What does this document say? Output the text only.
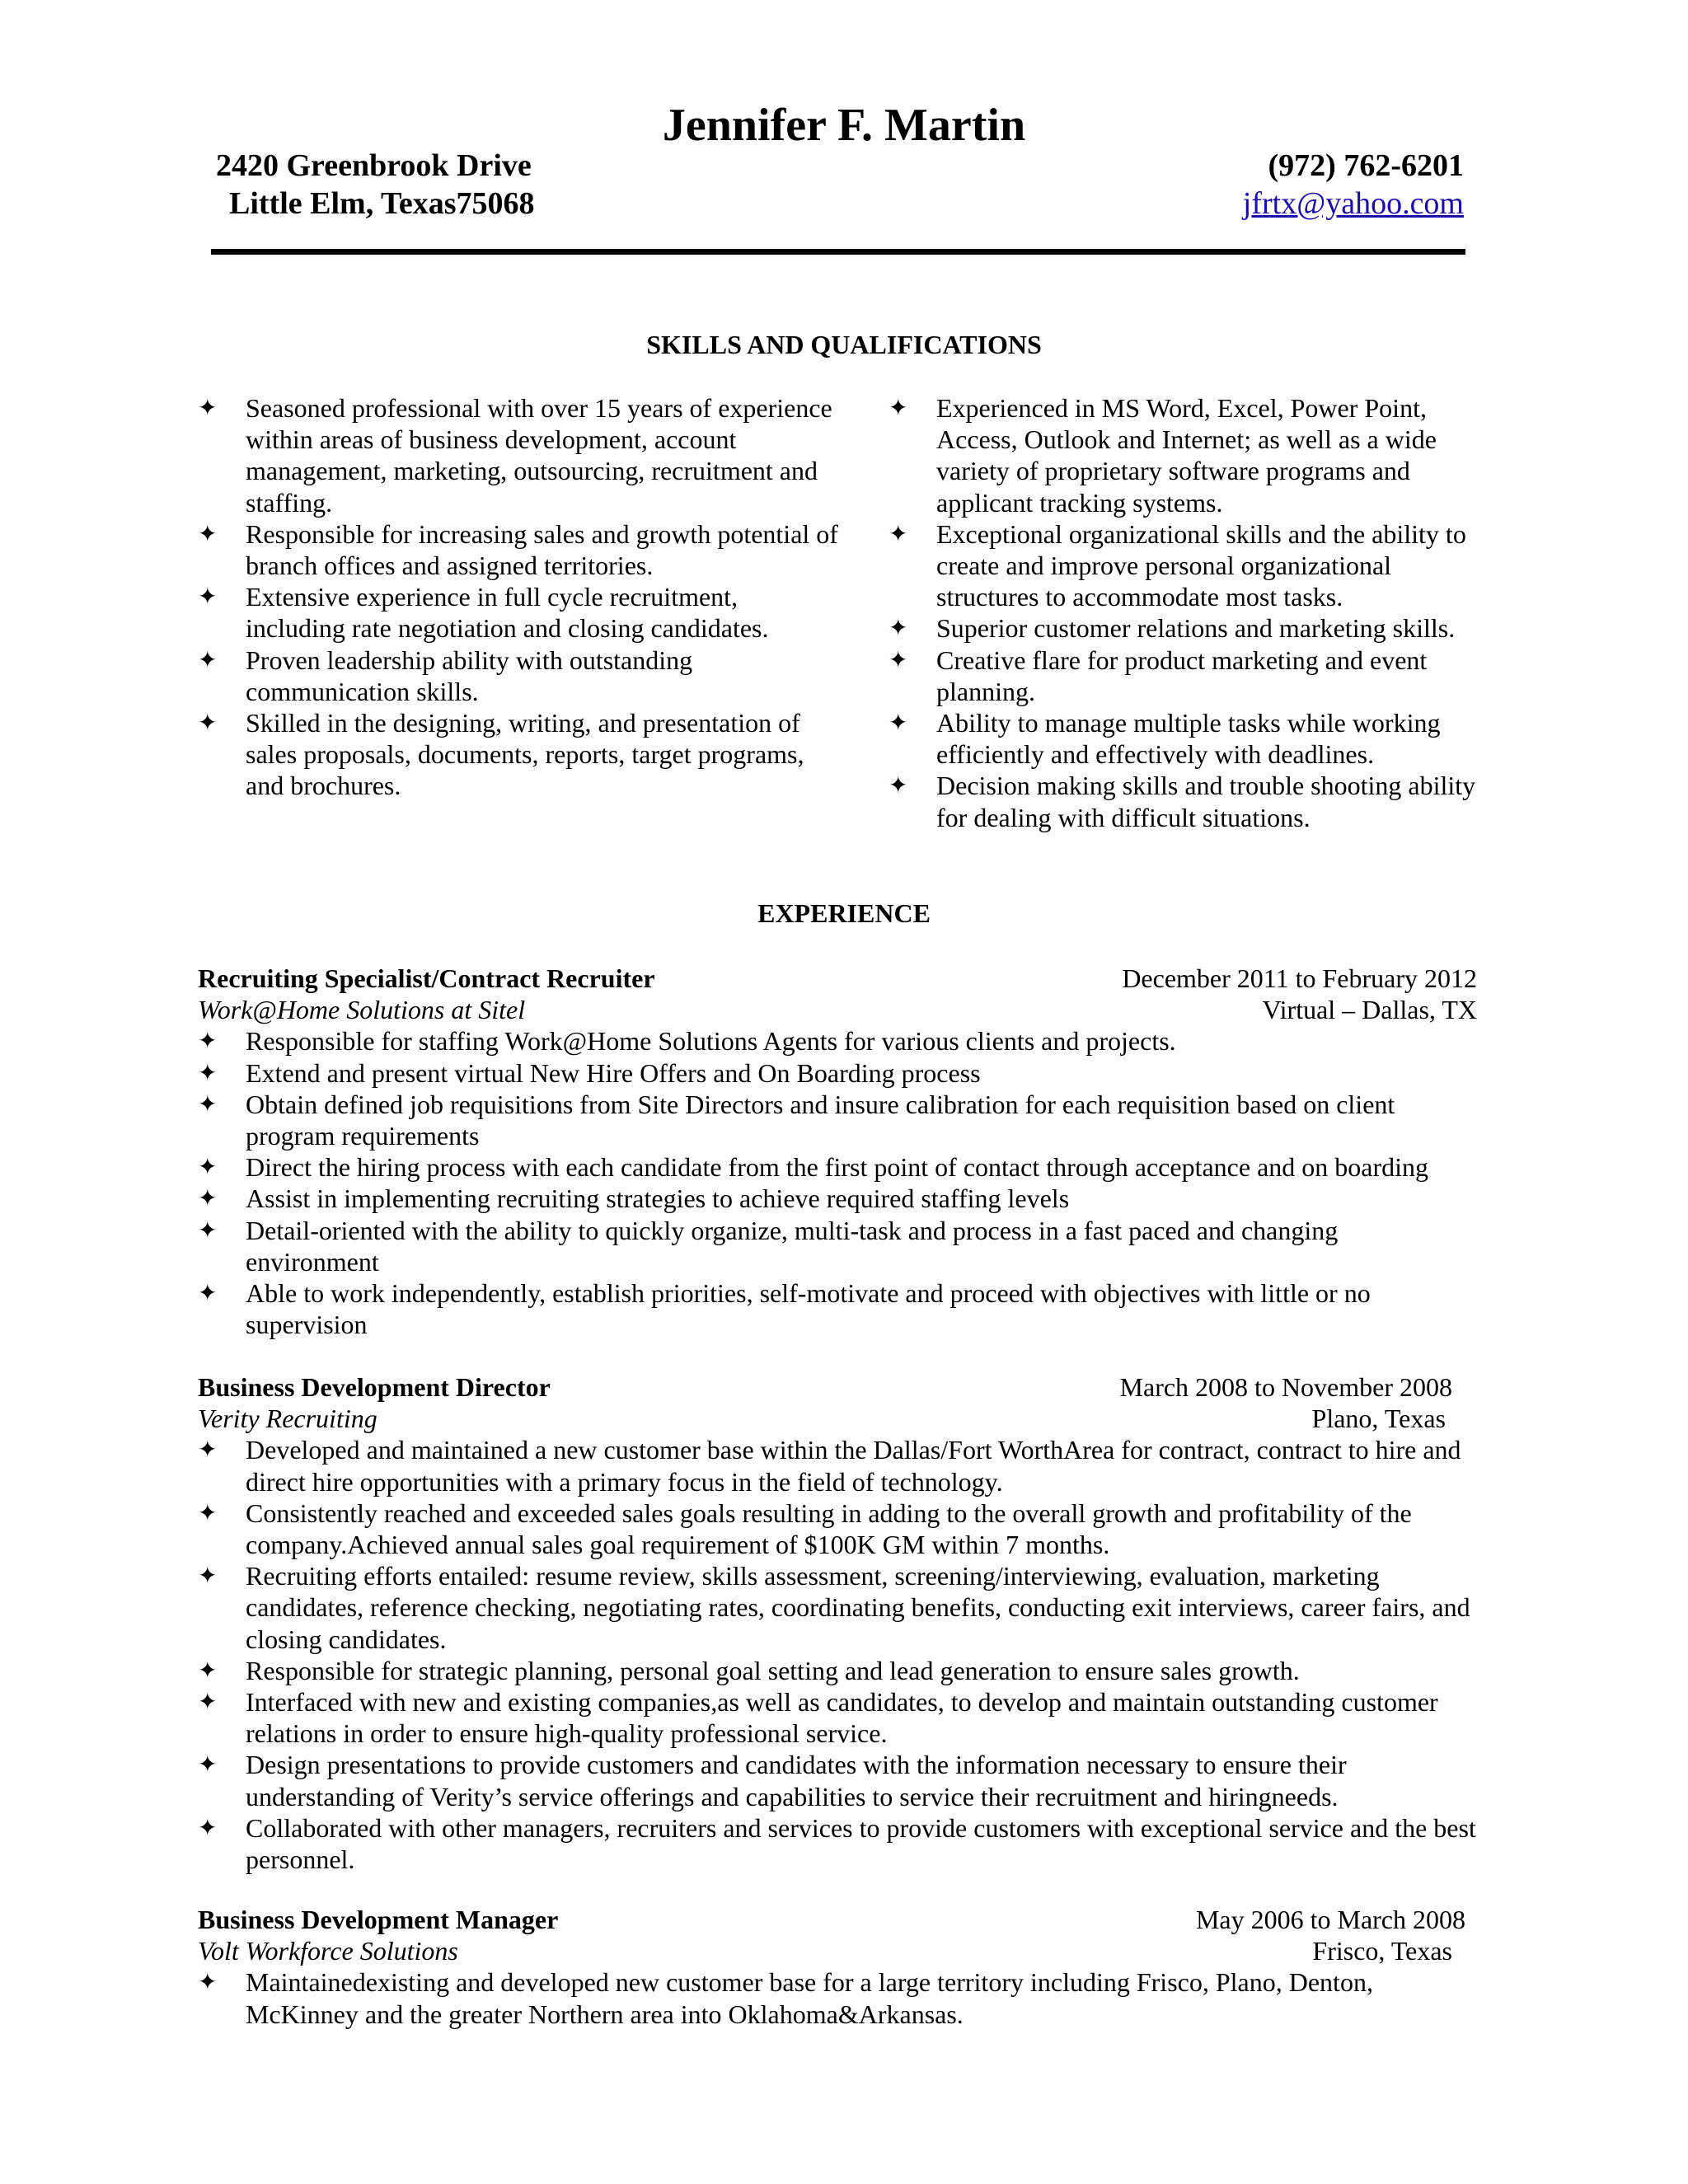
Jennifer F. Martin
2420 Greenbrook Drive
Little Elm, Texas75068
(972) 762-6201
jfrtx@yahoo.com
SKILLS AND QUALIFICATIONS
✦	Seasoned professional with over 15 years of experience within areas of business development, account management, marketing, outsourcing, recruitment and staffing.
✦	Responsible for increasing sales and growth potential of branch offices and assigned territories.
✦	Extensive experience in full cycle recruitment, including rate negotiation and closing candidates.
✦	Proven leadership ability with outstanding communication skills.
✦	Skilled in the designing, writing, and presentation of sales proposals, documents, reports, target programs, and brochures.
✦	Experienced in MS Word, Excel, Power Point, Access, Outlook and Internet; as well as a wide variety of proprietary software programs and applicant tracking systems.
✦	Exceptional organizational skills and the ability to create and improve personal organizational structures to accommodate most tasks.
✦	Superior customer relations and marketing skills.
✦	Creative flare for product marketing and event planning.
✦	Ability to manage multiple tasks while working efficiently and effectively with deadlines.
✦	Decision making skills and trouble shooting ability for dealing with difficult situations.
EXPERIENCE
Recruiting Specialist/Contract Recruiter	December 2011 to February 2012
Work@Home Solutions at Sitel	Virtual – Dallas, TX
✦	Responsible for staffing Work@Home Solutions Agents for various clients and projects.
✦	Extend and present virtual New Hire Offers and On Boarding process
✦	Obtain defined job requisitions from Site Directors and insure calibration for each requisition based on client program requirements
✦	Direct the hiring process with each candidate from the first point of contact through acceptance and on boarding
✦	Assist in implementing recruiting strategies to achieve required staffing levels
✦	Detail-oriented with the ability to quickly organize, multi-task and process in a fast paced and changing environment
✦	Able to work independently, establish priorities, self-motivate and proceed with objectives with little or no supervision
Business Development Director	March 2008 to November 2008
Verity Recruiting	Plano, Texas
✦	Developed and maintained a new customer base within the Dallas/Fort WorthArea for contract, contract to hire and direct hire opportunities with a primary focus in the field of technology.
✦	Consistently reached and exceeded sales goals resulting in adding to the overall growth and profitability of the company.Achieved annual sales goal requirement of $100K GM within 7 months.
✦	Recruiting efforts entailed: resume review, skills assessment, screening/interviewing, evaluation, marketing candidates, reference checking, negotiating rates, coordinating benefits, conducting exit interviews, career fairs, and closing candidates.
✦	Responsible for strategic planning, personal goal setting and lead generation to ensure sales growth.
✦	Interfaced with new and existing companies,as well as candidates, to develop and maintain outstanding customer relations in order to ensure high-quality professional service.
✦	Design presentations to provide customers and candidates with the information necessary to ensure their understanding of Verity’s service offerings and capabilities to service their recruitment and hiringneeds.
✦	Collaborated with other managers, recruiters and services to provide customers with exceptional service and the best personnel.
Business Development Manager	May 2006 to March 2008
Volt Workforce Solutions	Frisco, Texas
✦	Maintainedexisting and developed new customer base for a large territory including Frisco, Plano, Denton, McKinney and the greater Northern area into Oklahoma&Arkansas.
